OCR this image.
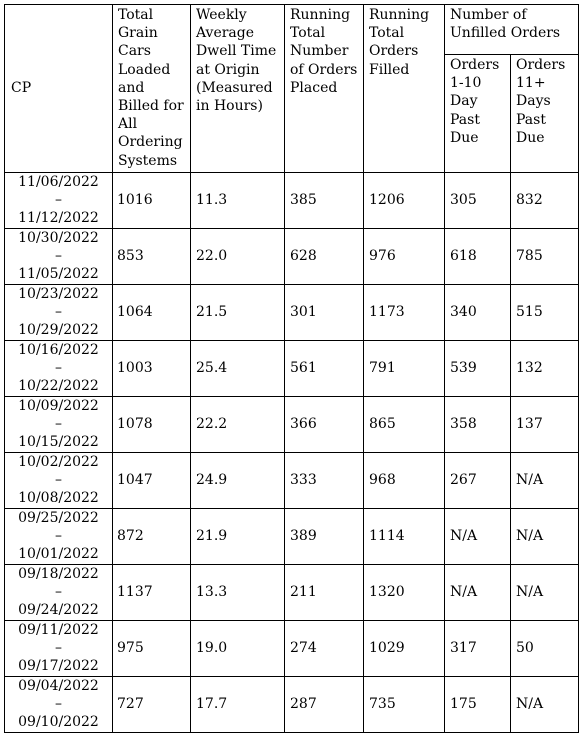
CP	Total Grain Cars Loaded and Billed for All Ordering Systems	Weekly Average Dwell Time at Origin (Measured in Hours)	Running Total Number of Orders Placed	Running Total Orders Filled	Number of Unfilled Orders	
					Orders 1-10 Day Past Due	Orders 11+ Days Past Due

11/06/2022
–
11/12/2022	1016	11.3	385	1206	305	832

10/30/2022
–
11/05/2022	853	22.0	628	976	618	785

10/23/2022
–
10/29/2022	1064	21.5	301	1173	340	515

10/16/2022
–
10/22/2022	1003	25.4	561	791	539	132

10/09/2022
–
10/15/2022	1078	22.2	366	865	358	137

10/02/2022
–
10/08/2022	1047	24.9	333	968	267	N/A

09/25/2022
–
10/01/2022	872	21.9	389	1114	N/A	N/A

09/18/2022
–
09/24/2022	1137	13.3	211	1320	N/A	N/A

09/11/2022
–
09/17/2022	975	19.0	274	1029	317	50

09/04/2022
–
09/10/2022	727	17.7	287	735	175	N/A
